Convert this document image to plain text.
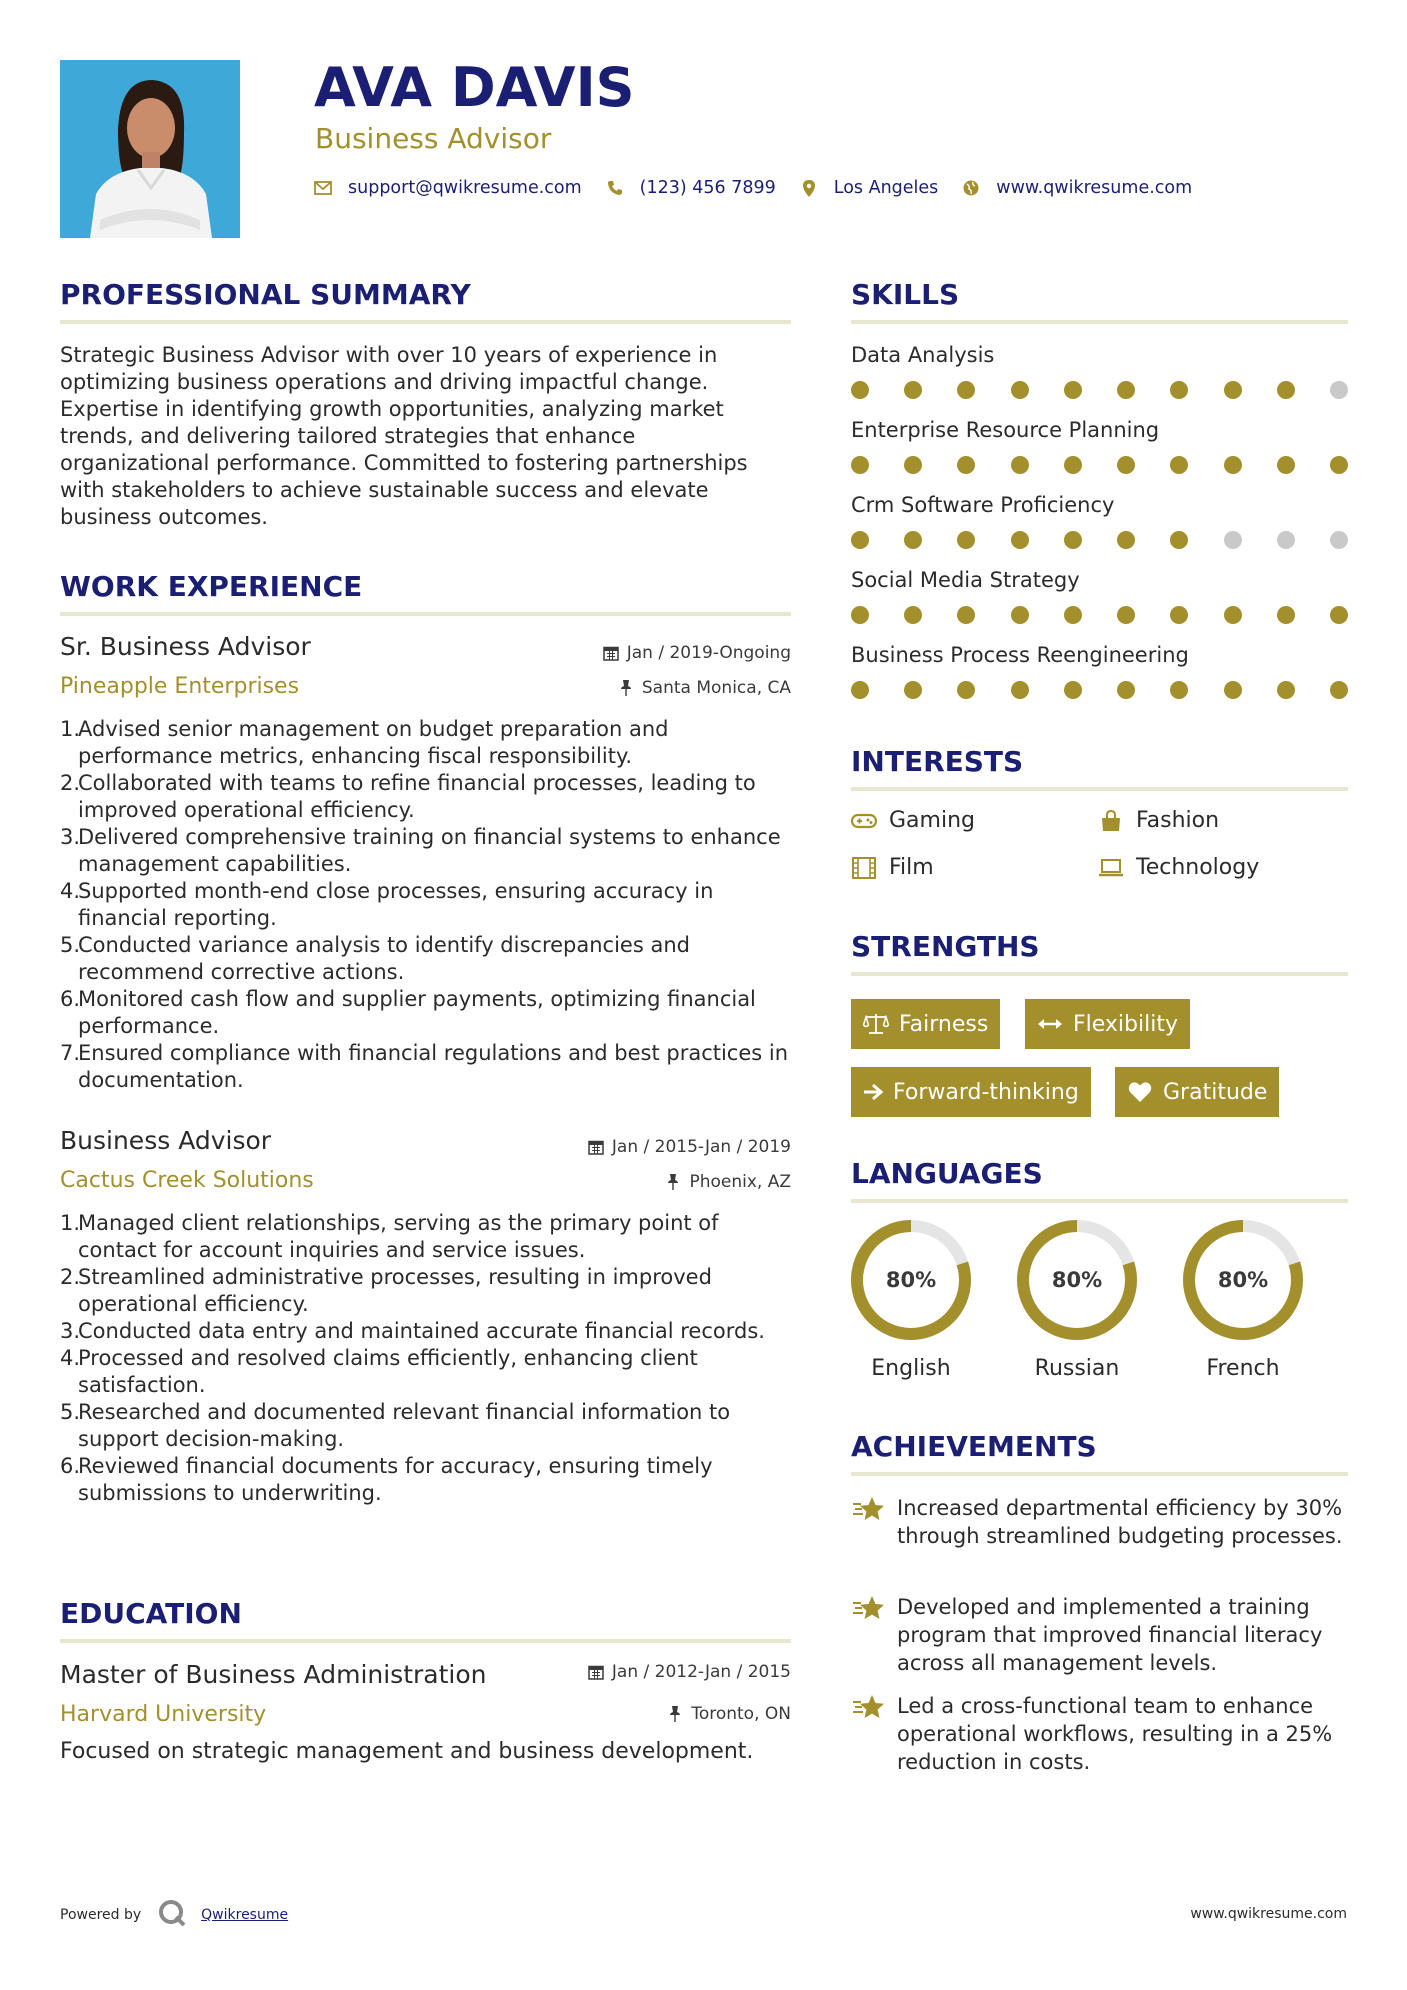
AVA DAVIS
Business Advisor
support@qwikresume.com	(123) 456 7899	Los Angeles	www.qwikresume.com
PROFESSIONAL SUMMARY
Strategic Business Advisor with over 10 years of experience in optimizing business operations and driving impactful change. Expertise in identifying growth opportunities, analyzing market trends, and delivering tailored strategies that enhance organizational performance. Committed to fostering partnerships with stakeholders to achieve sustainable success and elevate business outcomes.
WORK EXPERIENCE
Sr. Business Advisor
Pineapple Enterprises
Jan / 2019-Ongoing
Santa Monica, CA
1.
Advised senior management on budget preparation and performance metrics, enhancing fiscal responsibility.
2.
Collaborated with teams to refine financial processes, leading to improved operational efficiency.
3.
Delivered comprehensive training on financial systems to enhance management capabilities.
4.
Supported month-end close processes, ensuring accuracy in financial reporting.
5.
Conducted variance analysis to identify discrepancies and recommend corrective actions.
6.
Monitored cash flow and supplier payments, optimizing financial performance.
7.
Ensured compliance with financial regulations and best practices in documentation.
Business Advisor
Cactus Creek Solutions
Jan / 2015-Jan / 2019
Phoenix, AZ
1.
Managed client relationships, serving as the primary point of contact for account inquiries and service issues.
2.
Streamlined administrative processes, resulting in improved operational efficiency.
3.
Conducted data entry and maintained accurate financial records.
4.
Processed and resolved claims efficiently, enhancing client satisfaction.
5.
Researched and documented relevant financial information to support decision-making.
6.
Reviewed financial documents for accuracy, ensuring timely submissions to underwriting.
EDUCATION
Master of Business Administration
Harvard University
Jan / 2012-Jan / 2015
Toronto, ON
Focused on strategic management and business development.
SKILLS
Data Analysis
Enterprise Resource Planning
Crm Software Proficiency
Social Media Strategy
Business Process Reengineering
INTERESTS
Gaming	Fashion
Film	Technology
STRENGTHS
Fairness	Flexibility
Forward-thinking	Gratitude
LANGUAGES
80%
English
80%
Russian
80%
French
ACHIEVEMENTS
Increased departmental efficiency by 30% through streamlined budgeting processes.
Developed and implemented a training program that improved financial literacy across all management levels.
Led a cross-functional team to enhance operational workflows, resulting in a 25% reduction in costs.
Powered by	Qwikresume	www.qwikresume.com
